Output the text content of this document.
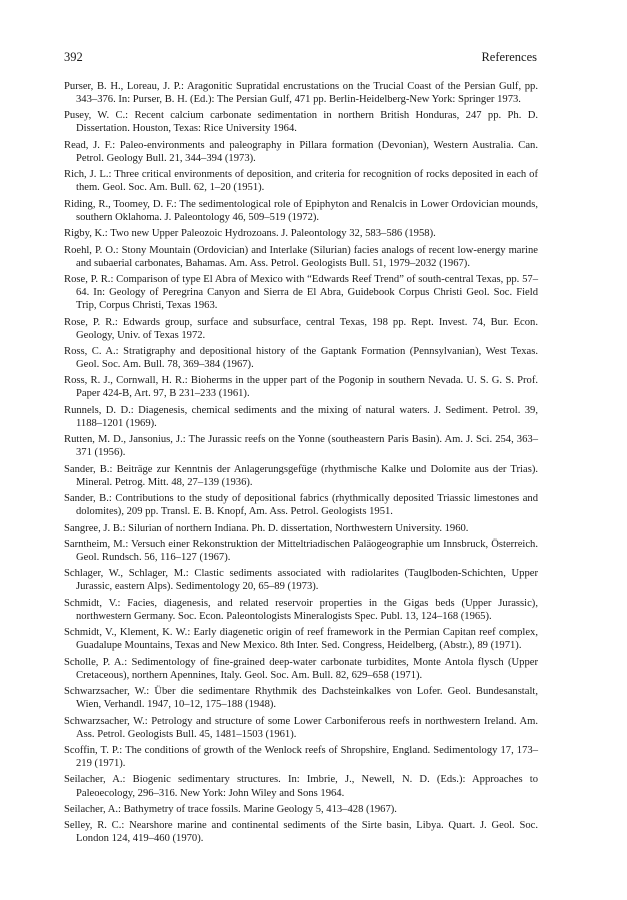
392	References
Purser, B. H., Loreau, J. P.: Aragonitic Supratidal encrustations on the Trucial Coast of the Persian Gulf, pp. 343–376. In: Purser, B. H. (Ed.): The Persian Gulf, 471 pp. Berlin-Heidelberg-New York: Springer 1973.
Pusey, W. C.: Recent calcium carbonate sedimentation in northern British Honduras, 247 pp. Ph. D. Dissertation. Houston, Texas: Rice University 1964.
Read, J. F.: Paleo-environments and paleography in Pillara formation (Devonian), Western Australia. Can. Petrol. Geology Bull. 21, 344–394 (1973).
Rich, J. L.: Three critical environments of deposition, and criteria for recognition of rocks deposited in each of them. Geol. Soc. Am. Bull. 62, 1–20 (1951).
Riding, R., Toomey, D. F.: The sedimentological role of Epiphyton and Renalcis in Lower Ordovician mounds, southern Oklahoma. J. Paleontology 46, 509–519 (1972).
Rigby, K.: Two new Upper Paleozoic Hydrozoans. J. Paleontology 32, 583–586 (1958).
Roehl, P. O.: Stony Mountain (Ordovician) and Interlake (Silurian) facies analogs of recent low-energy marine and subaerial carbonates, Bahamas. Am. Ass. Petrol. Geologists Bull. 51, 1979–2032 (1967).
Rose, P. R.: Comparison of type El Abra of Mexico with “Edwards Reef Trend” of south-central Texas, pp. 57–64. In: Geology of Peregrina Canyon and Sierra de El Abra, Guidebook Corpus Christi Geol. Soc. Field Trip, Corpus Christi, Texas 1963.
Rose, P. R.: Edwards group, surface and subsurface, central Texas, 198 pp. Rept. Invest. 74, Bur. Econ. Geology, Univ. of Texas 1972.
Ross, C. A.: Stratigraphy and depositional history of the Gaptank Formation (Pennsylvanian), West Texas. Geol. Soc. Am. Bull. 78, 369–384 (1967).
Ross, R. J., Cornwall, H. R.: Bioherms in the upper part of the Pogonip in southern Nevada. U. S. G. S. Prof. Paper 424-B, Art. 97, B 231–233 (1961).
Runnels, D. D.: Diagenesis, chemical sediments and the mixing of natural waters. J. Sediment. Petrol. 39, 1188–1201 (1969).
Rutten, M. D., Jansonius, J.: The Jurassic reefs on the Yonne (southeastern Paris Basin). Am. J. Sci. 254, 363–371 (1956).
Sander, B.: Beiträge zur Kenntnis der Anlagerungsgefüge (rhythmische Kalke und Dolomite aus der Trias). Mineral. Petrog. Mitt. 48, 27–139 (1936).
Sander, B.: Contributions to the study of depositional fabrics (rhythmically deposited Triassic limestones and dolomites), 209 pp. Transl. E. B. Knopf, Am. Ass. Petrol. Geologists 1951.
Sangree, J. B.: Silurian of northern Indiana. Ph. D. dissertation, Northwestern University. 1960.
Sarntheim, M.: Versuch einer Rekonstruktion der Mitteltriadischen Paläogeographie um Innsbruck, Österreich. Geol. Rundsch. 56, 116–127 (1967).
Schlager, W., Schlager, M.: Clastic sediments associated with radiolarites (Tauglboden-Schichten, Upper Jurassic, eastern Alps). Sedimentology 20, 65–89 (1973).
Schmidt, V.: Facies, diagenesis, and related reservoir properties in the Gigas beds (Upper Jurassic), northwestern Germany. Soc. Econ. Paleontologists Mineralogists Spec. Publ. 13, 124–168 (1965).
Schmidt, V., Klement, K. W.: Early diagenetic origin of reef framework in the Permian Capitan reef complex, Guadalupe Mountains, Texas and New Mexico. 8th Inter. Sed. Congress, Heidelberg, (Abstr.), 89 (1971).
Scholle, P. A.: Sedimentology of fine-grained deep-water carbonate turbidites, Monte Antola flysch (Upper Cretaceous), northern Apennines, Italy. Geol. Soc. Am. Bull. 82, 629–658 (1971).
Schwarzsacher, W.: Über die sedimentare Rhythmik des Dachsteinkalkes von Lofer. Geol. Bundesanstalt, Wien, Verhandl. 1947, 10–12, 175–188 (1948).
Schwarzsacher, W.: Petrology and structure of some Lower Carboniferous reefs in northwestern Ireland. Am. Ass. Petrol. Geologists Bull. 45, 1481–1503 (1961).
Scoffin, T. P.: The conditions of growth of the Wenlock reefs of Shropshire, England. Sedimentology 17, 173–219 (1971).
Seilacher, A.: Biogenic sedimentary structures. In: Imbrie, J., Newell, N. D. (Eds.): Approaches to Paleoecology, 296–316. New York: John Wiley and Sons 1964.
Seilacher, A.: Bathymetry of trace fossils. Marine Geology 5, 413–428 (1967).
Selley, R. C.: Nearshore marine and continental sediments of the Sirte basin, Libya. Quart. J. Geol. Soc. London 124, 419–460 (1970).
